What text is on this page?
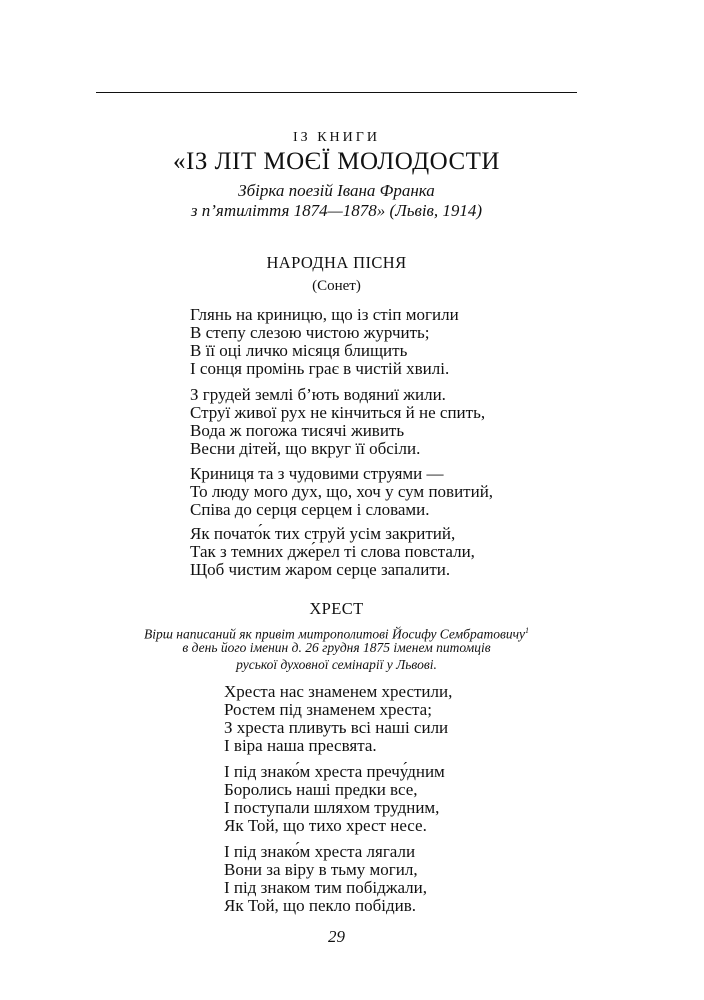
ІЗ КНИГИ
«ІЗ ЛІТ МОЄЇ МОЛОДОСТИ
Збірка поезій Івана Франка
з п’ятиліття 1874—1878» (Львів, 1914)
НАРОДНА ПІСНЯ
(Сонет)
Глянь на криницю, що із стіп могили
В степу слезою чистою журчить;
В її оці личко місяця блищить
І сонця промінь грає в чистій хвилі.
З грудей землі б’ють водяниї жили.
Струї живої рух не кінчиться й не спить,
Вода ж погожа тисячі живить
Весни дітей, що вкруг її обсіли.
Криниця та з чудовими струями —
То люду мого дух, що, хоч у сум повитий,
Співа до серця серцем і словами.
Як почато́к тих струй усім закритий,
Так з темних дже́рел ті слова повстали,
Щоб чистим жаром серце запалити.
ХРЕСТ
Вірш написаний як привіт митрополитові Йосифу Сембратовичу$^1$
в день його іменин д. 26 грудня 1875 іменем питомців
руської духовної семінарії у Львові.
Хреста нас знаменем хрестили,
Ростем під знаменем хреста;
З хреста пливуть всі наші сили
І віра наша пресвята.
І під знако́м хреста пречу́дним
Боролись наші предки все,
І поступали шляхом трудним,
Як Той, що тихо хрест несе.
І під знако́м хреста лягали
Вони за віру в тьму могил,
І під знаком тим побіджали,
Як Той, що пекло побідив.
29
